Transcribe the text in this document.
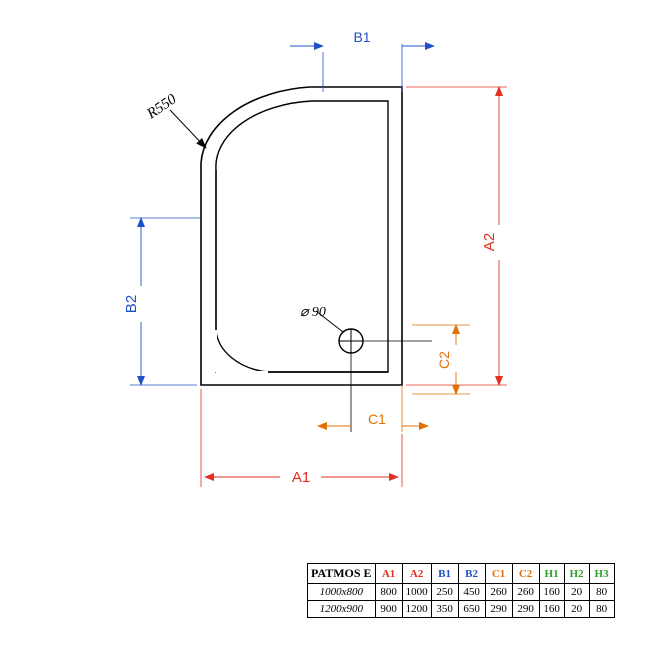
⌀ 90
R550
B1
A2
B2
C2
C1
A1
PATMOS E	A1	A2	B1	B2	C1	C2	H1	H2	H3
1000x800	800	1000	250	450	260	260	160	20	80
1200x900	900	1200	350	650	290	290	160	20	80
